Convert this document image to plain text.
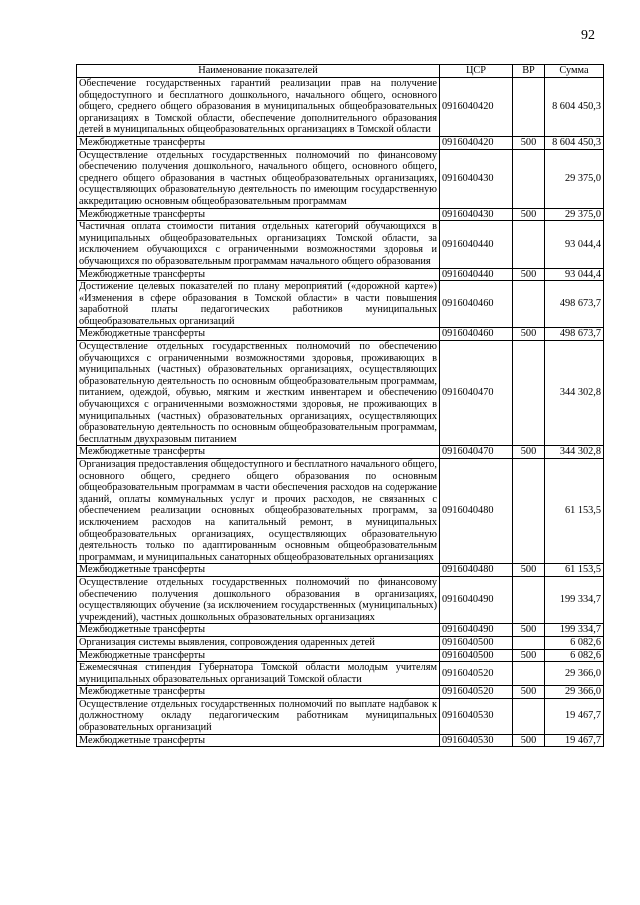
92
Наименование показателей	ЦСР	ВР	Сумма
Обеспечение государственных гарантий реализации прав на получение общедоступного и бесплатного дошкольного, начального общего, основного общего, среднего общего образования в муниципальных общеобразовательных организациях в Томской области, обеспечение дополнительного образования детей в муниципальных общеобразовательных организациях в Томской области	0916040420		8 604 450,3
Межбюджетные трансферты	0916040420	500	8 604 450,3
Осуществление отдельных государственных полномочий по финансовому обеспечению получения дошкольного, начального общего, основного общего, среднего общего образования в частных общеобразовательных организациях, осуществляющих образовательную деятельность по имеющим государственную аккредитацию основным общеобразовательным программам	0916040430		29 375,0
Межбюджетные трансферты	0916040430	500	29 375,0
Частичная оплата стоимости питания отдельных категорий обучающихся в муниципальных общеобразовательных организациях Томской области, за исключением обучающихся с ограниченными возможностями здоровья и обучающихся по образовательным программам начального общего образования	0916040440		93 044,4
Межбюджетные трансферты	0916040440	500	93 044,4
Достижение целевых показателей по плану мероприятий («дорожной карте») «Изменения в сфере образования в Томской области» в части повышения заработной платы педагогических работников муниципальных общеобразовательных организаций	0916040460		498 673,7
Межбюджетные трансферты	0916040460	500	498 673,7
Осуществление отдельных государственных полномочий по обеспечению обучающихся с ограниченными возможностями здоровья, проживающих в муниципальных (частных) образовательных организациях, осуществляющих образовательную деятельность по основным общеобразовательным программам, питанием, одеждой, обувью, мягким и жестким инвентарем и обеспечению обучающихся с ограниченными возможностями здоровья, не проживающих в муниципальных (частных) образовательных организациях, осуществляющих образовательную деятельность по основным общеобразовательным программам, бесплатным двухразовым питанием	0916040470		344 302,8
Межбюджетные трансферты	0916040470	500	344 302,8
Организация предоставления общедоступного и бесплатного начального общего, основного общего, среднего общего образования по основным общеобразовательным программам в части обеспечения расходов на содержание зданий, оплаты коммунальных услуг и прочих расходов, не связанных с обеспечением реализации основных общеобразовательных программ, за исключением расходов на капитальный ремонт, в муниципальных общеобразовательных организациях, осуществляющих образовательную деятельность только по адаптированным основным общеобразовательным программам, и муниципальных санаторных общеобразовательных организациях	0916040480		61 153,5
Межбюджетные трансферты	0916040480	500	61 153,5
Осуществление отдельных государственных полномочий по финансовому обеспечению получения дошкольного образования в организациях, осуществляющих обучение (за исключением государственных (муниципальных) учреждений), частных дошкольных образовательных организациях	0916040490		199 334,7
Межбюджетные трансферты	0916040490	500	199 334,7
Организация системы выявления, сопровождения одаренных детей	0916040500		6 082,6
Межбюджетные трансферты	0916040500	500	6 082,6
Ежемесячная стипендия Губернатора Томской области молодым учителям муниципальных образовательных организаций Томской области	0916040520		29 366,0
Межбюджетные трансферты	0916040520	500	29 366,0
Осуществление отдельных государственных полномочий по выплате надбавок к должностному окладу педагогическим работникам муниципальных образовательных организаций	0916040530		19 467,7
Межбюджетные трансферты	0916040530	500	19 467,7
